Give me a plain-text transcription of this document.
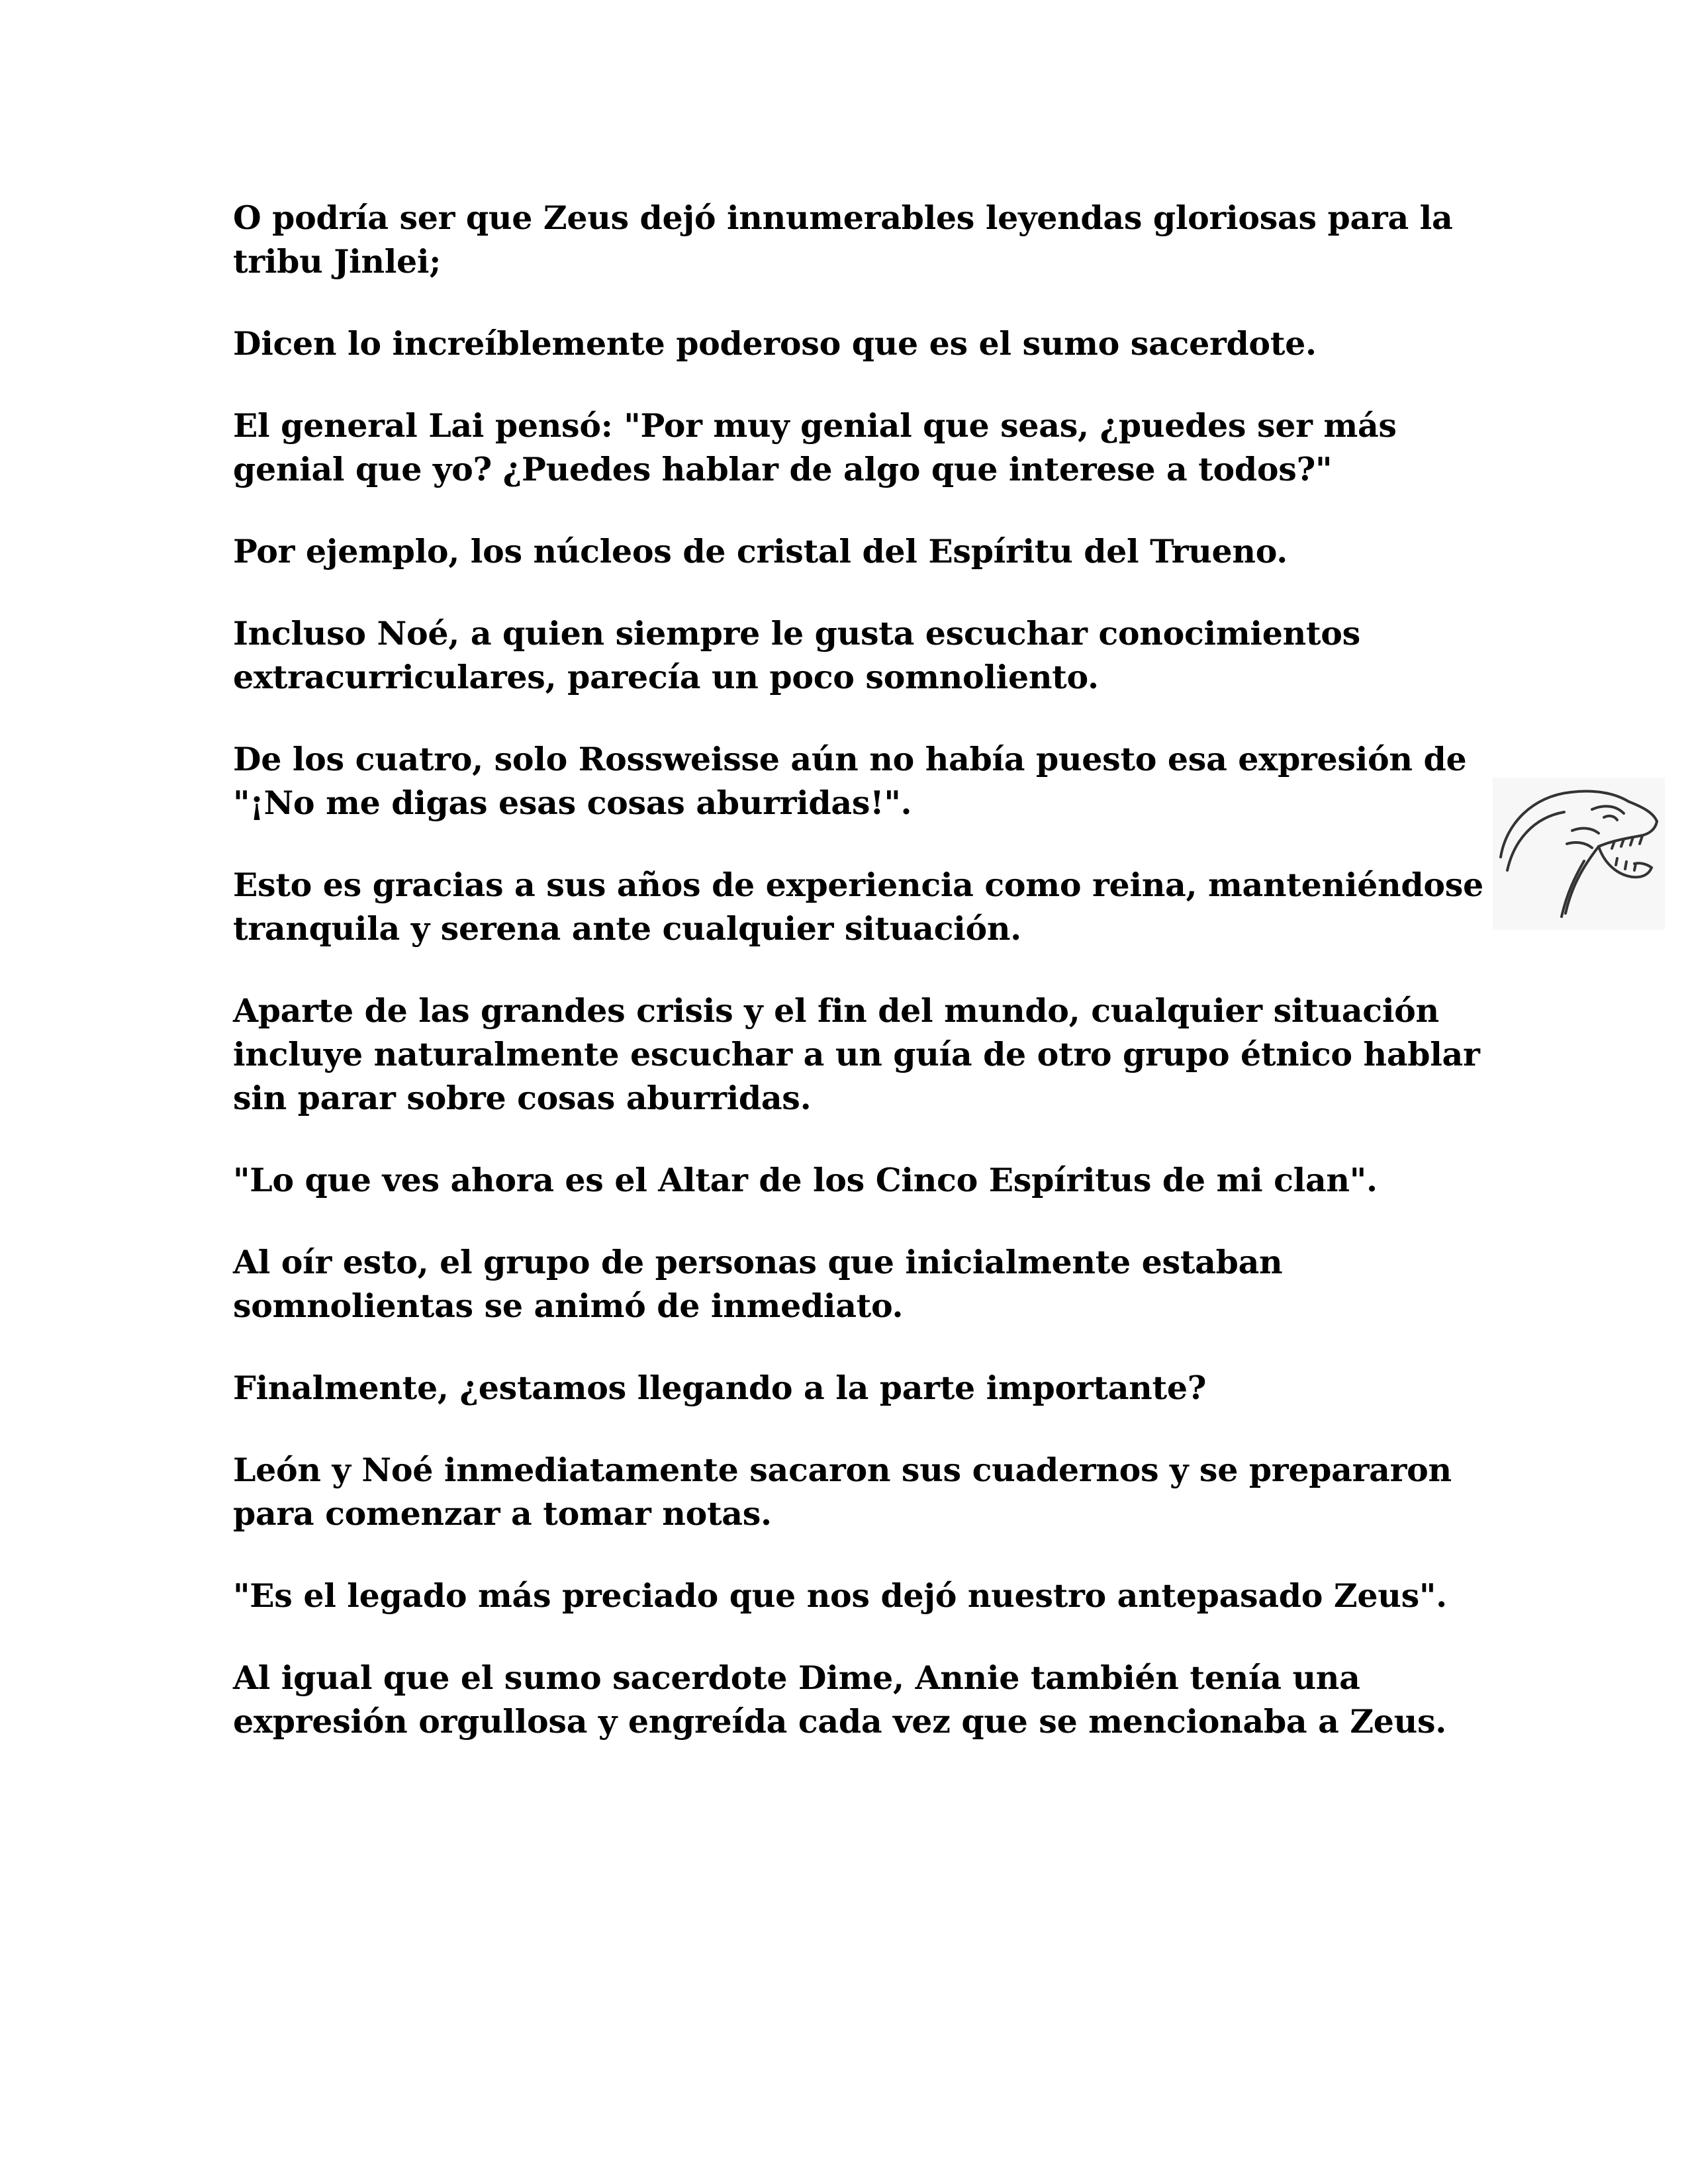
O podría ser que Zeus dejó innumerables leyendas gloriosas para la tribu Jinlei;

Dicen lo increíblemente poderoso que es el sumo sacerdote.

El general Lai pensó: "Por muy genial que seas, ¿puedes ser más genial que yo? ¿Puedes hablar de algo que interese a todos?"

Por ejemplo, los núcleos de cristal del Espíritu del Trueno.

Incluso Noé, a quien siempre le gusta escuchar conocimientos extracurriculares, parecía un poco somnoliento.

De los cuatro, solo Rossweisse aún no había puesto esa expresión de "¡No me digas esas cosas aburridas!".

Esto es gracias a sus años de experiencia como reina, manteniéndose tranquila y serena ante cualquier situación.

Aparte de las grandes crisis y el fin del mundo, cualquier situación incluye naturalmente escuchar a un guía de otro grupo étnico hablar sin parar sobre cosas aburridas.

"Lo que ves ahora es el Altar de los Cinco Espíritus de mi clan".

Al oír esto, el grupo de personas que inicialmente estaban somnolientas se animó de inmediato.

Finalmente, ¿estamos llegando a la parte importante?

León y Noé inmediatamente sacaron sus cuadernos y se prepararon para comenzar a tomar notas.

"Es el legado más preciado que nos dejó nuestro antepasado Zeus".

Al igual que el sumo sacerdote Dime, Annie también tenía una expresión orgullosa y engreída cada vez que se mencionaba a Zeus.
